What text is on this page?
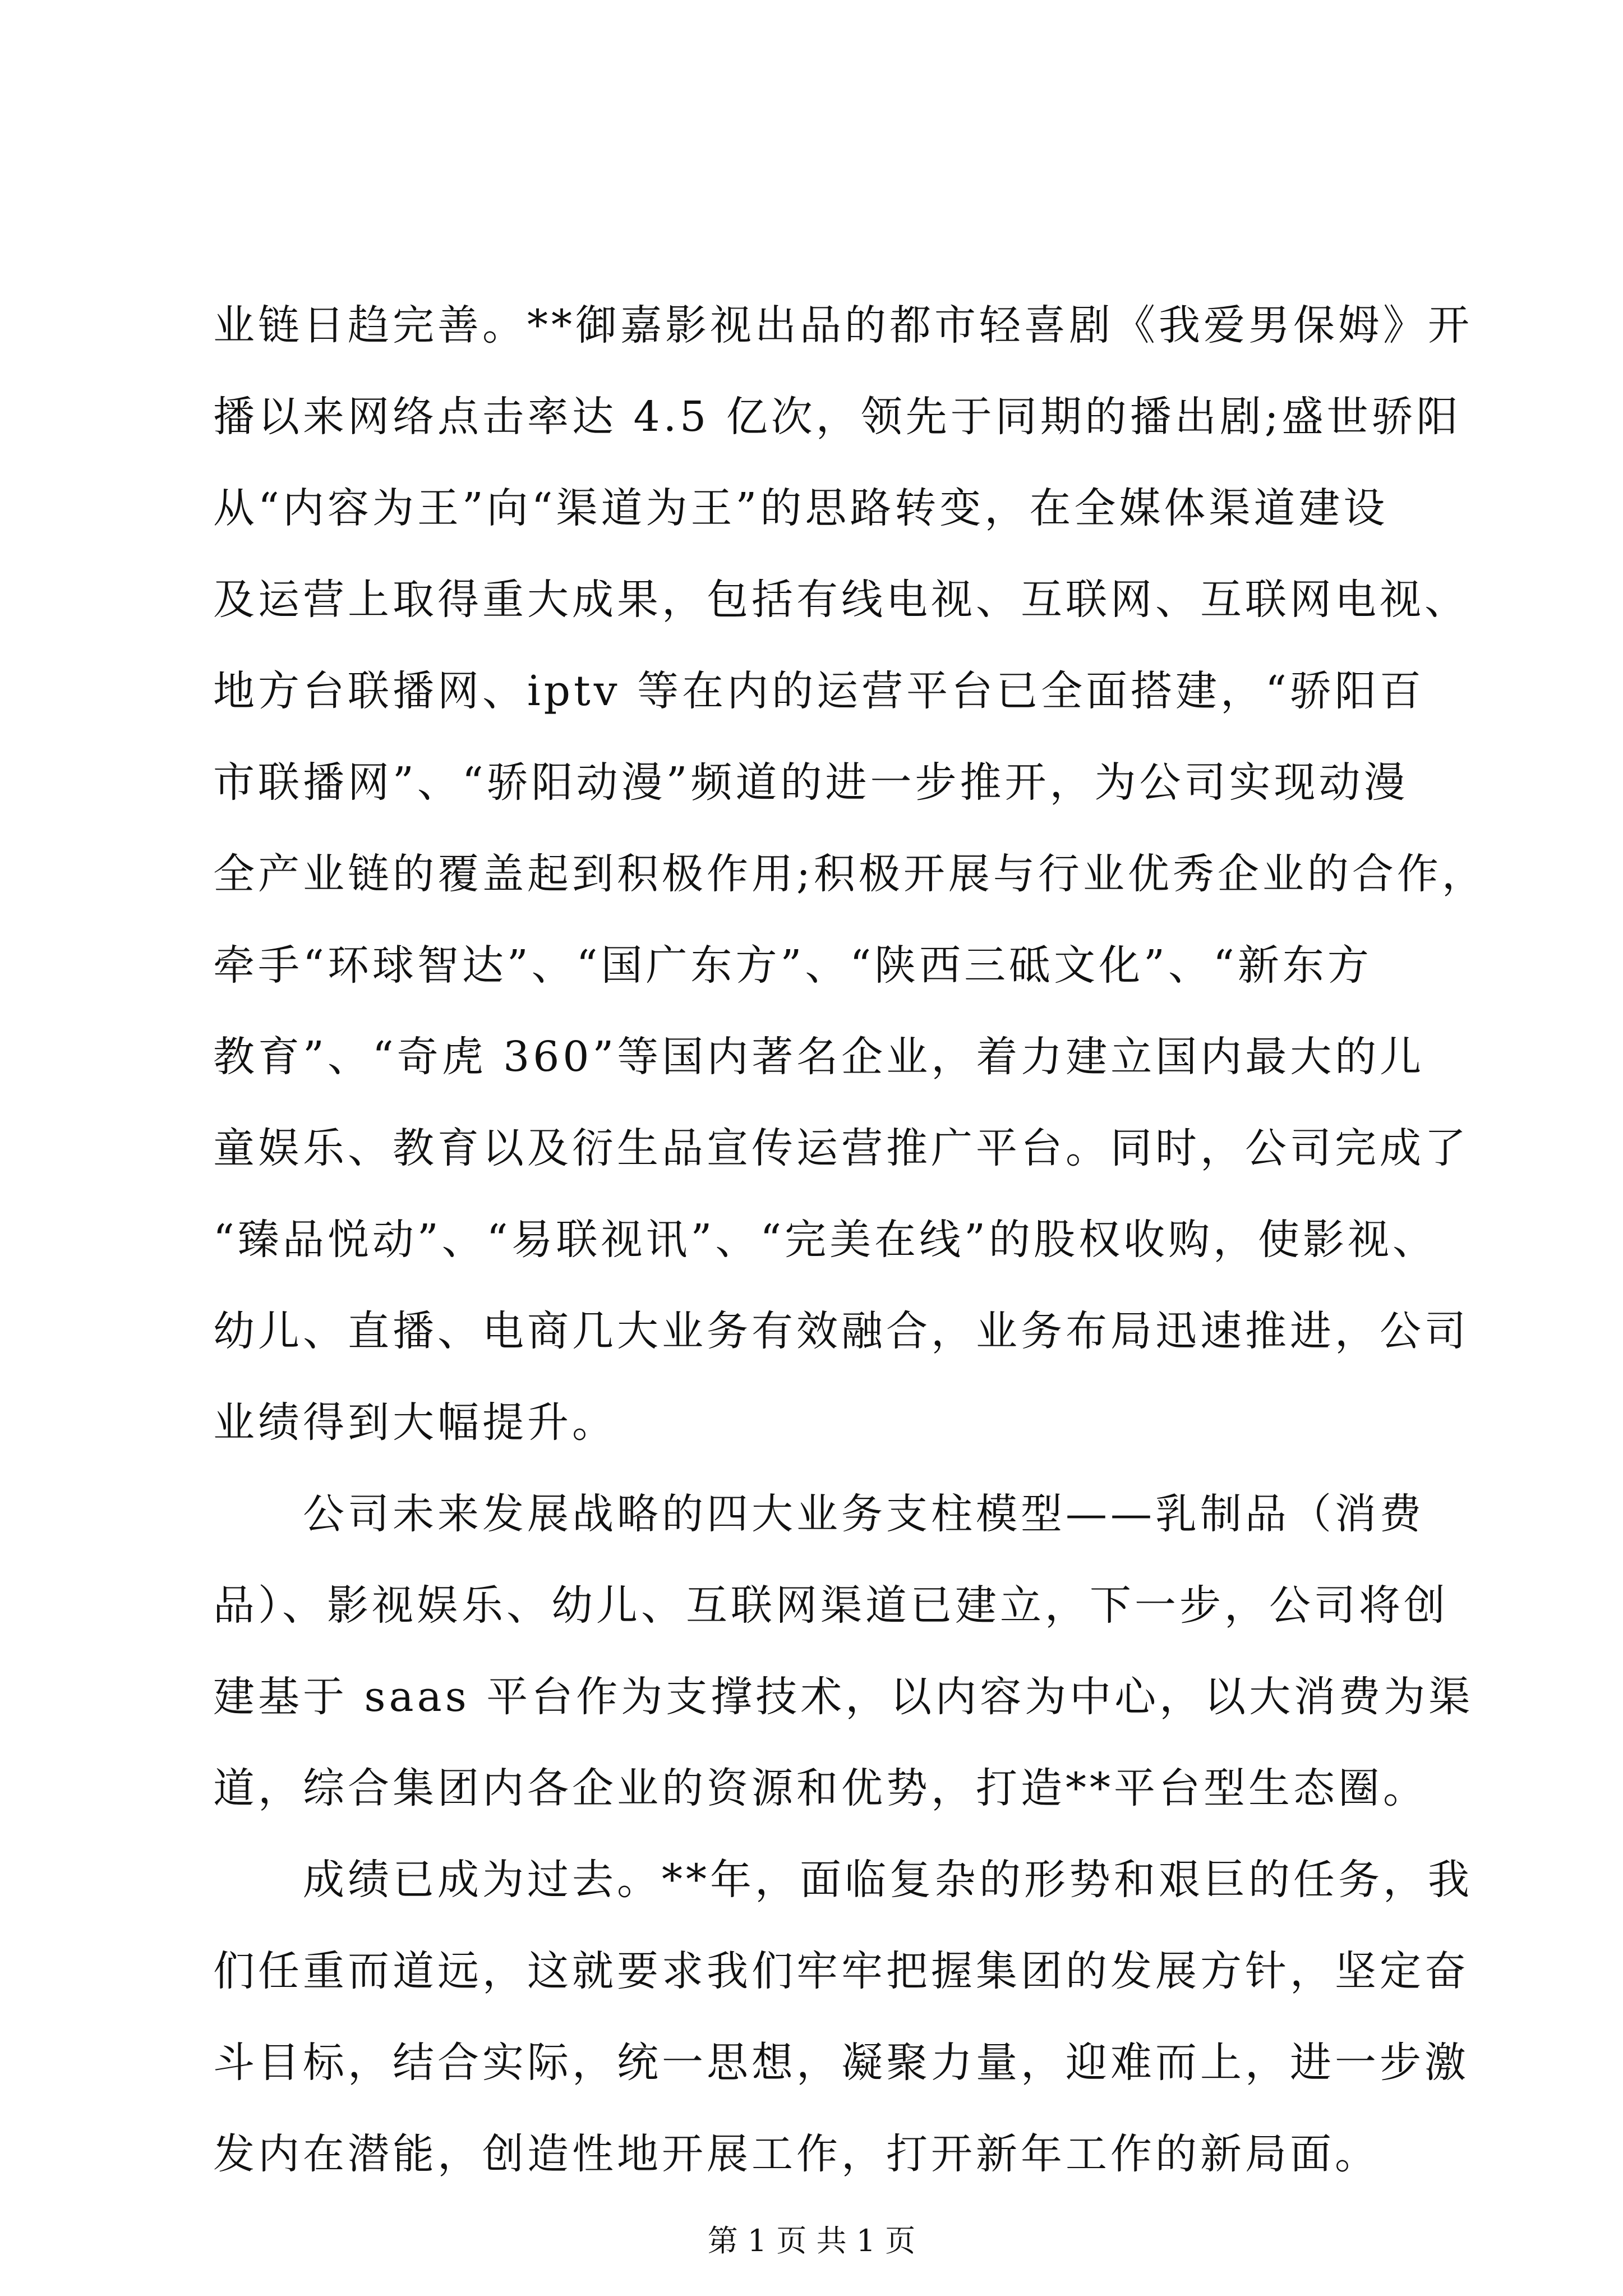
业链日趋完善。**御嘉影视出品的都市轻喜剧《我爱男保姆》开
播以来网络点击率达 4.5 亿次，领先于同期的播出剧;盛世骄阳
从“内容为王”向“渠道为王”的思路转变，在全媒体渠道建设
及运营上取得重大成果，包括有线电视、互联网、互联网电视、
地方台联播网、iptv 等在内的运营平台已全面搭建，“骄阳百
市联播网”、“骄阳动漫”频道的进一步推开，为公司实现动漫
全产业链的覆盖起到积极作用;积极开展与行业优秀企业的合作，
牵手“环球智达”、“国广东方”、“陕西三砥文化”、“新东方
教育”、“奇虎 360”等国内著名企业，着力建立国内最大的儿
童娱乐、教育以及衍生品宣传运营推广平台。同时，公司完成了
“臻品悦动”、“易联视讯”、“完美在线”的股权收购，使影视、
幼儿、直播、电商几大业务有效融合，业务布局迅速推进，公司
业绩得到大幅提升。
公司未来发展战略的四大业务支柱模型——乳制品（消费
品）、影视娱乐、幼儿、互联网渠道已建立，下一步，公司将创
建基于 saas 平台作为支撑技术，以内容为中心，以大消费为渠
道，综合集团内各企业的资源和优势，打造**平台型生态圈。
成绩已成为过去。**年，面临复杂的形势和艰巨的任务，我
们任重而道远，这就要求我们牢牢把握集团的发展方针，坚定奋
斗目标，结合实际，统一思想，凝聚力量，迎难而上，进一步激
发内在潜能，创造性地开展工作，打开新年工作的新局面。
第 1 页 共 1 页
